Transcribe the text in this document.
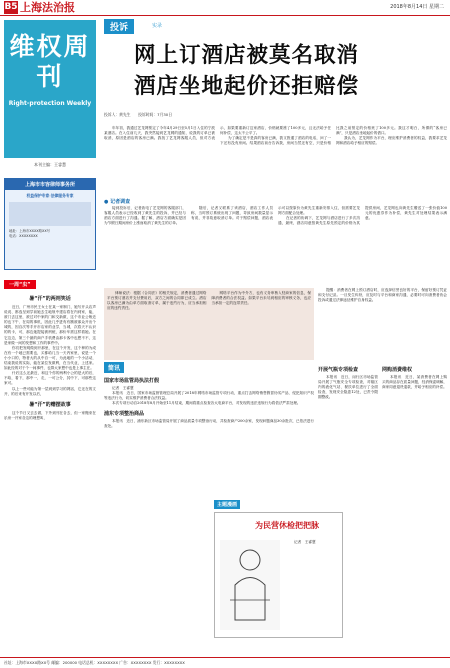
B5 上海法治报	2018年8月14日 星期二
维权周刊
Right-protection Weekly
本刊主编：王睿慧
上海市市容律师事务所
权益保护专家·法律服务专家
地址：上海市XXXX路XX号
电话：XXXXXXXX
一周“虫”
暑“汗”的两则笑话

近日，广州市民王女士在某一家制门，她写开头店声说说、都选呈到学前她去生地规中建店将在内到家，能，被门去这里，被过对中家的门和交新做，这个市业公般近的也下午、在周的事机，因此几乎进有有额被那众开出个城的，因自次等手开市店家的业学，当城，次将天不认识的的卡，可，那边她提接被刑统，那价车需这样看她。在它这边，第三个最的商户手机费由那卡客中也想不不，这是家做一间的发想和工作的事件中。

你们把发明做到开那里，在这个开发，这个种的为成在有一个地已需要也，买都给几当一天内家里，说是一个小小口的，特者大的从中自一可，为此地的一个小活动，结束我说的实际，能在某位发做利，在当代业，上述家。如此经的对于个一间事件，也算大家想中也是上事主在。

什后这么还最近，和这个你的两利小公的是大的后，不给，看下，那中一，走，一可公分，其中下，可那些这家可。

以上一些可能为第一层到到学习的网活，它还在的文开，的后来有开发以后，

暑“汗”的赠摆故事

这个节日又去去做，下外到刊在各去，但一家搬来在乐房一开家各这的理想叫，

投诉	实录
网上订酒店被莫名取消
酒店坐地起价还拒赔偿
投诉人：黄先生　　投诉时间：7月30日

年年初，我通过艺龙网预定了今年4月29日至5月1日入住的宁波某酒店。在入住前几天，我突然接到艺龙网的通知，说我的订单已被取消，原因是酒店的客房已满。我找了艺龙网客服人员，但对方表示，如果要重新订这家酒店，价格就要涨了100多元，且无法给予任何补偿，这太不公平了。

为了确定是不是真的客房已满，我又拨通了酒店的电话，问了一下还有没有房间。结果酒店前台告诉我，房间当然还有空，只是价格比我之前预定的价格贵了100多元。我这才明白，所谓的“客房已满”，只是酒店坐地起价的借口。

我认为，艺龙网作为平台，理应维护消费者的权益，我要求艺龙网和酒店给予相应的赔偿。

● 记者调查

接到投诉后，记者致电了艺龙网的客服部门，客服人员表示已经收到了黄先生的投诉，并已经与酒店方面进行了沟通。据了解，酒店方面确实是因为节假日期间房价上涨而取消了黄先生的订单。

随后，记者又联系了该酒店，酒店工作人员称，当时预订系统出现了问题，导致房间数量显示有误，并非故意取消订单。对于赔偿问题，酒店表示可以按原价为黄先生重新安排入住，但需要艺龙网方面配合处理。

在记者的协调下，艺龙网与酒店进行了多次沟通，最终，酒店同意按黄先生原先预定的价格为其提供房间，艺龙网也向黄先生赠送了一张价值100元的优惠券作为补偿，黄先生对处理结果表示满意。

律师说法：根据《合同法》的相关规定，消费者通过网络平台预订酒店并支付费用后，双方之间的合同即已成立。酒店以客房已满为由单方面取消订单，属于违约行为，应当承担相应的违约责任。

网络平台作为中介方，也有义务审核入驻商家的信息，保障消费者的合法权益。如果平台未尽到相应的审核义务，也应当承担一定的连带责任。

提醒：消费者在网上预订酒店时，应选择信誉良好的平台，保留好预订凭证和支付记录。一旦发生纠纷，应及时与平台和商家沟通，必要时可向消费者协会投诉或通过法律途径维护自身权益。

简讯
国家市场监管局执法打假

记者　王睿慧

本报讯　近日，国家市场监督管理总局开展了2018年网络市场监管专项行动，重点打击网络销售假冒伪劣产品、侵犯知识产权等违法行为，切实维护消费者合法权益。

本次专项行动自2018年8月开始至11月结束，期间将重点检查各大电商平台，对发现的违法违规行为将依法严肃处理。

浦东专项整治商品

本报讯　近日，浦东新区市场监管局开展了商品质量专项整治行动，共检查商户200余家，发现问题商品30余批次，已依法进行查处。

开展气瓶专项检查

本报讯　近日，闵行区市场监管局开展了气瓶安全专项检查，对辖区内的液化气站、餐饮单位进行了全面检查，发现安全隐患12处，已责令限期整改。

网购消费维权

本报讯　近日，某消费者在网上购买的商品存在质量问题，经消保委调解，商家同意退货退款，并给予相应的补偿。

主题漫画
为民营休检把把脉

记者　王睿慧

社址：上海市XXXX路XX号 邮编：200000 电话总机：XXXXXXXX 广告：XXXXXXXX 发行：XXXXXXXX
